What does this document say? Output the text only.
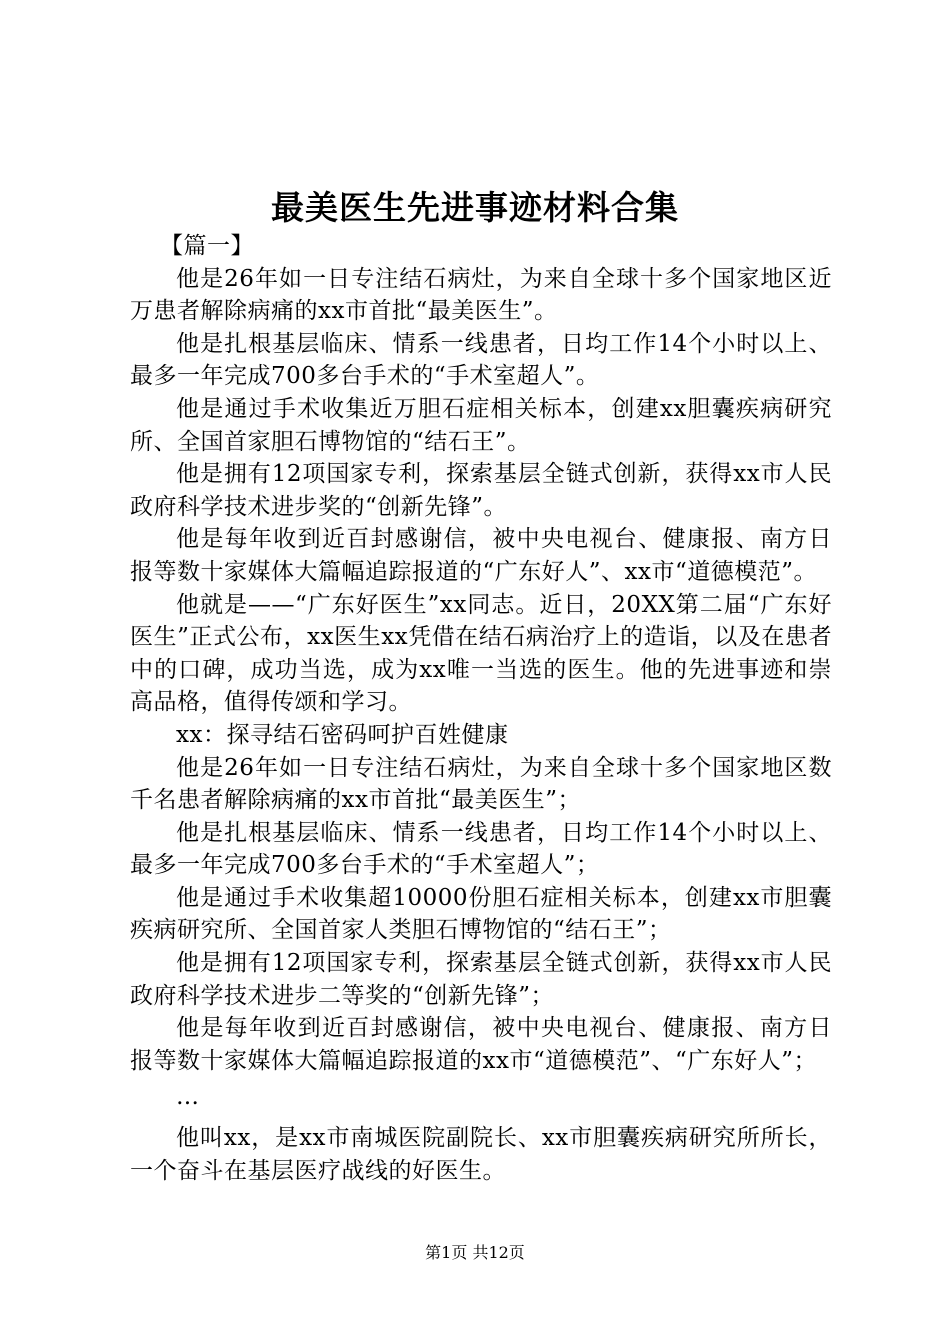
最美医生先进事迹材料合集

【篇一】

他是26年如一日专注结石病灶，为来自全球十多个国家地区近万患者解除病痛的xx市首批“最美医生”。

他是扎根基层临床、情系一线患者，日均工作14个小时以上、最多一年完成700多台手术的“手术室超人”。

他是通过手术收集近万胆石症相关标本，创建xx胆囊疾病研究所、全国首家胆石博物馆的“结石王”。

他是拥有12项国家专利，探索基层全链式创新，获得xx市人民政府科学技术进步奖的“创新先锋”。

他是每年收到近百封感谢信，被中央电视台、健康报、南方日报等数十家媒体大篇幅追踪报道的“广东好人”、xx市“道德模范”。

他就是——“广东好医生”xx同志。近日，20XX第二届“广东好医生”正式公布，xx医生xx凭借在结石病治疗上的造诣，以及在患者中的口碑，成功当选，成为xx唯一当选的医生。他的先进事迹和崇高品格，值得传颂和学习。

xx：探寻结石密码呵护百姓健康

他是26年如一日专注结石病灶，为来自全球十多个国家地区数千名患者解除病痛的xx市首批“最美医生”；

他是扎根基层临床、情系一线患者，日均工作14个小时以上、最多一年完成700多台手术的“手术室超人”；

他是通过手术收集超10000份胆石症相关标本，创建xx市胆囊疾病研究所、全国首家人类胆石博物馆的“结石王”；

他是拥有12项国家专利，探索基层全链式创新，获得xx市人民政府科学技术进步二等奖的“创新先锋”；

他是每年收到近百封感谢信，被中央电视台、健康报、南方日报等数十家媒体大篇幅追踪报道的xx市“道德模范”、“广东好人”；

…

他叫xx，是xx市南城医院副院长、xx市胆囊疾病研究所所长，一个奋斗在基层医疗战线的好医生。

第1页 共12页
